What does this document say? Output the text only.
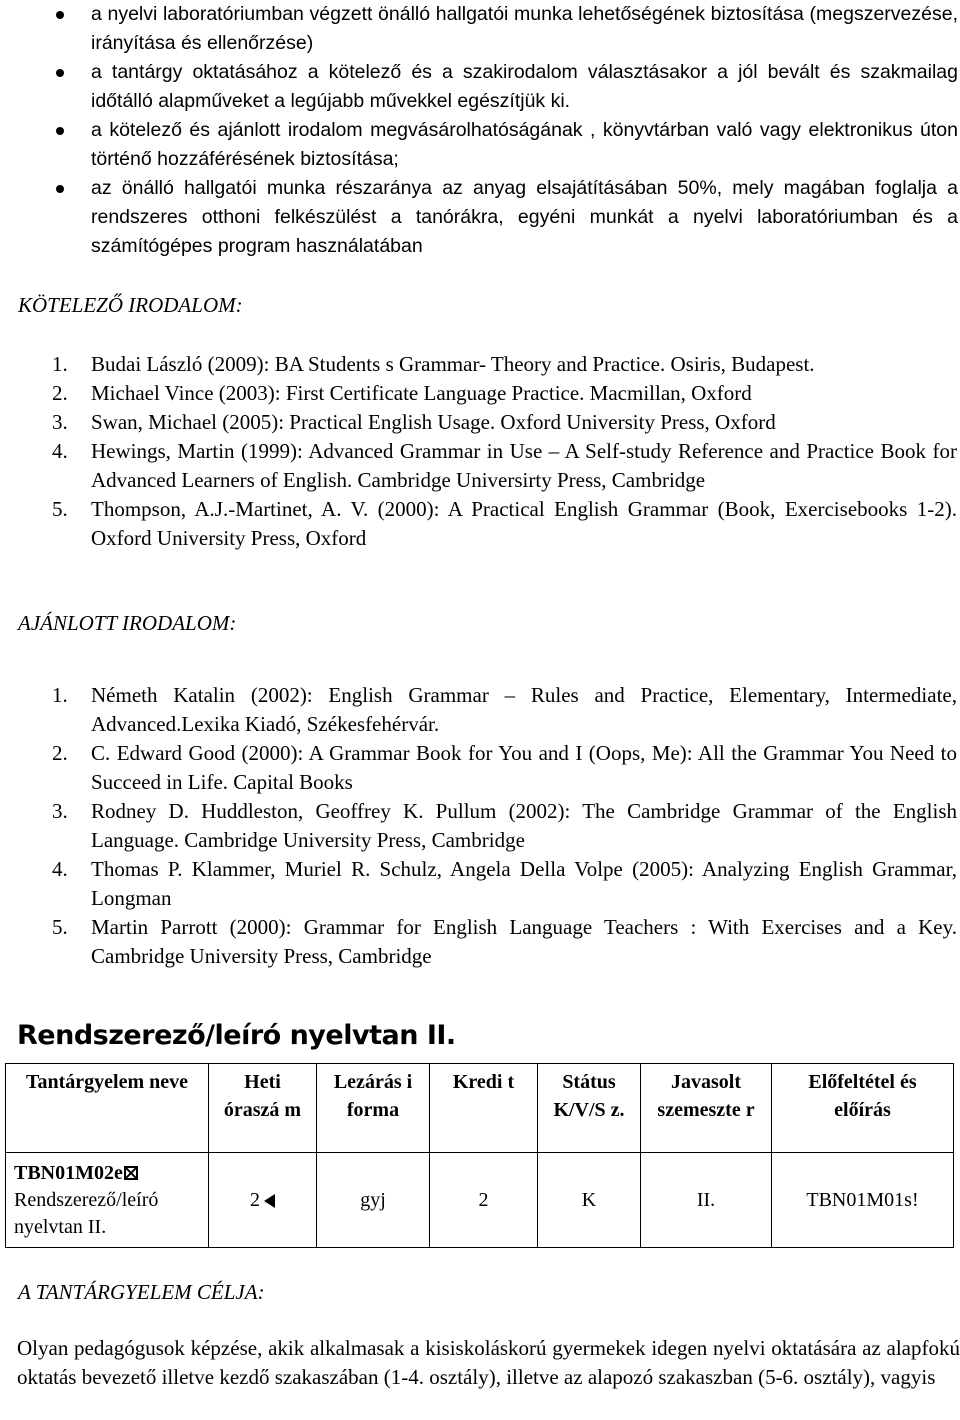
a nyelvi laboratóriumban végzett önálló hallgatói munka lehetőségének biztosítása (megszervezése, irányítása és ellenőrzése)
a tantárgy oktatásához a kötelező és a szakirodalom választásakor a jól bevált és szakmailag időtálló alapműveket a legújabb művekkel egészítjük ki.
a kötelező és ajánlott irodalom megvásárolhatóságának , könyvtárban való vagy elektronikus úton történő hozzáférésének biztosítása;
az önálló hallgatói munka részaránya az anyag elsajátításában 50%, mely magában foglalja a rendszeres otthoni felkészülést a tanórákra, egyéni munkát a nyelvi laboratóriumban és a számítógépes program használatában
KÖTELEZŐ IRODALOM:
1. Budai László (2009): BA Students s Grammar- Theory and Practice. Osiris, Budapest.
2. Michael Vince (2003): First Certificate Language Practice. Macmillan, Oxford
3. Swan, Michael (2005): Practical English Usage. Oxford University Press, Oxford
4. Hewings, Martin (1999): Advanced Grammar in Use – A Self-study Reference and Practice Book for Advanced Learners of English. Cambridge Universirty Press, Cambridge
5. Thompson, A.J.-Martinet, A. V. (2000): A Practical English Grammar (Book, Exercisebooks 1-2). Oxford University Press, Oxford
AJÁNLOTT IRODALOM:
1. Németh Katalin (2002): English Grammar – Rules and Practice, Elementary, Intermediate, Advanced.Lexika Kiadó, Székesfehérvár.
2. C. Edward Good (2000): A Grammar Book for You and I (Oops, Me): All the Grammar You Need to Succeed in Life. Capital Books
3. Rodney D. Huddleston, Geoffrey K. Pullum (2002): The Cambridge Grammar of the English Language. Cambridge University Press, Cambridge
4. Thomas P. Klammer, Muriel R. Schulz, Angela Della Volpe (2005): Analyzing English Grammar, Longman
5. Martin Parrott (2000): Grammar for English Language Teachers : With Exercises and a Key. Cambridge University Press, Cambridge
Rendszerező/leíró nyelvtan II.
Tantárgyelem neve	Heti óraszá m	Lezárás i forma	Kredi t	Státus K/V/S z.	Javasolt szemeszte r	Előfeltétel és előírás
TBN01M02e
Rendszerező/leíró nyelvtan II.	2	gyj	2	K	II.	TBN01M01s!
A TANTÁRGYELEM CÉLJA:

Olyan pedagógusok képzése, akik alkalmasak a kisiskoláskorú gyermekek idegen nyelvi oktatására az alapfokú oktatás bevezető illetve kezdő szakaszában (1-4. osztály), illetve az alapozó szakaszban (5-6. osztály), vagyis
